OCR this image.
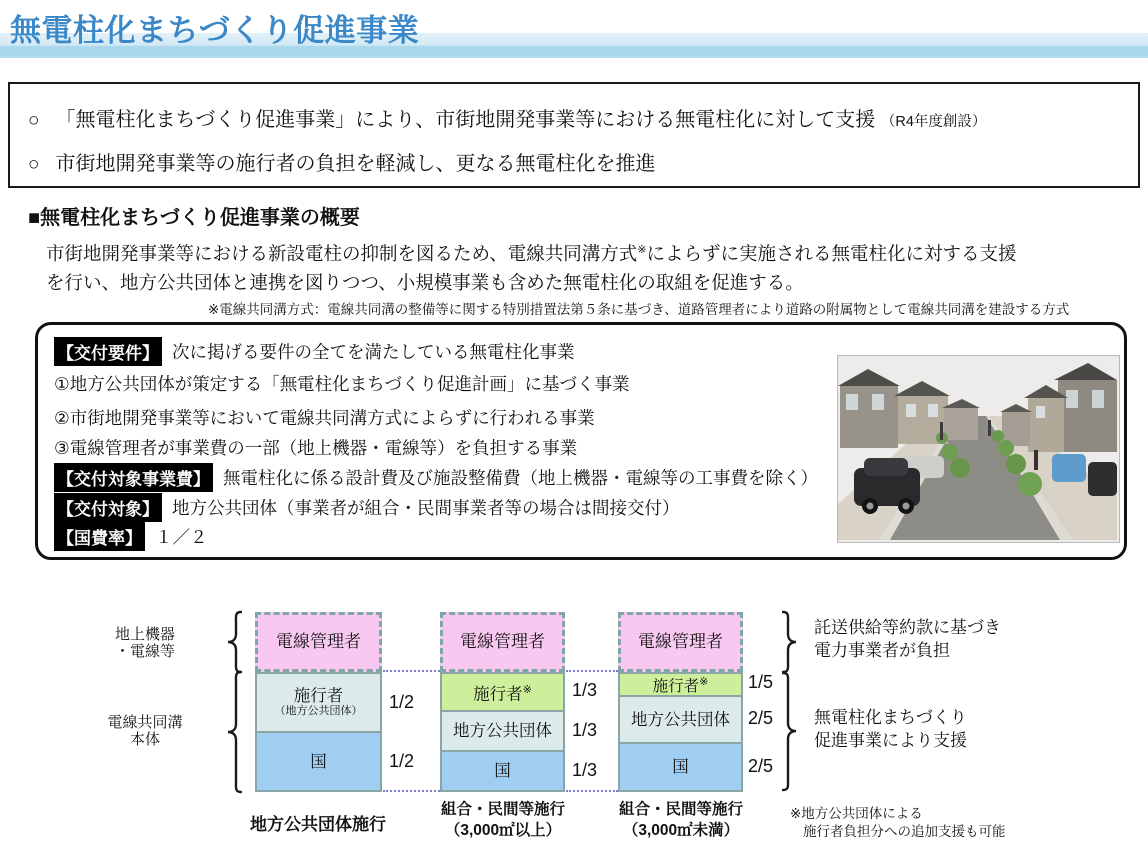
無電柱化まちづくり促進事業
○ 「無電柱化まちづくり促進事業」により、市街地開発事業等における無電柱化に対して支援 （R4年度創設）
○ 市街地開発事業等の施行者の負担を軽減し、更なる無電柱化を推進
■無電柱化まちづくり促進事業の概要
市街地開発事業等における新設電柱の抑制を図るため、電線共同溝方式※によらずに実施される無電柱化に対する支援
を行い、地方公共団体と連携を図りつつ、小規模事業も含めた無電柱化の取組を促進する。
※電線共同溝方式：電線共同溝の整備等に関する特別措置法第５条に基づき、道路管理者により道路の附属物として電線共同溝を建設する方式
【交付要件】 次に掲げる要件の全てを満たしている無電柱化事業
①地方公共団体が策定する「無電柱化まちづくり促進計画」に基づく事業
②市街地開発事業等において電線共同溝方式によらずに行われる事業
③電線管理者が事業費の一部（地上機器・電線等）を負担する事業
【交付対象事業費】 無電柱化に係る設計費及び施設整備費（地上機器・電線等の工事費を除く）
【交付対象】 地方公共団体（事業者が組合・民間事業者等の場合は間接交付）
【国費率】 １／２
地上機器
・電線等
電線共同溝
本体
電線管理者
施行者
（地方公共団体）
国
電線管理者
施行者※
地方公共団体
国
電線管理者
施行者※
地方公共団体
国
1/2
1/2
1/3
1/3
1/3
1/5
2/5
2/5
託送供給等約款に基づき
電力事業者が負担
無電柱化まちづくり
促進事業により支援
地方公共団体施行
組合・民間等施行
（3,000㎡以上）
組合・民間等施行
（3,000㎡未満）
※地方公共団体による
施行者負担分への追加支援も可能
